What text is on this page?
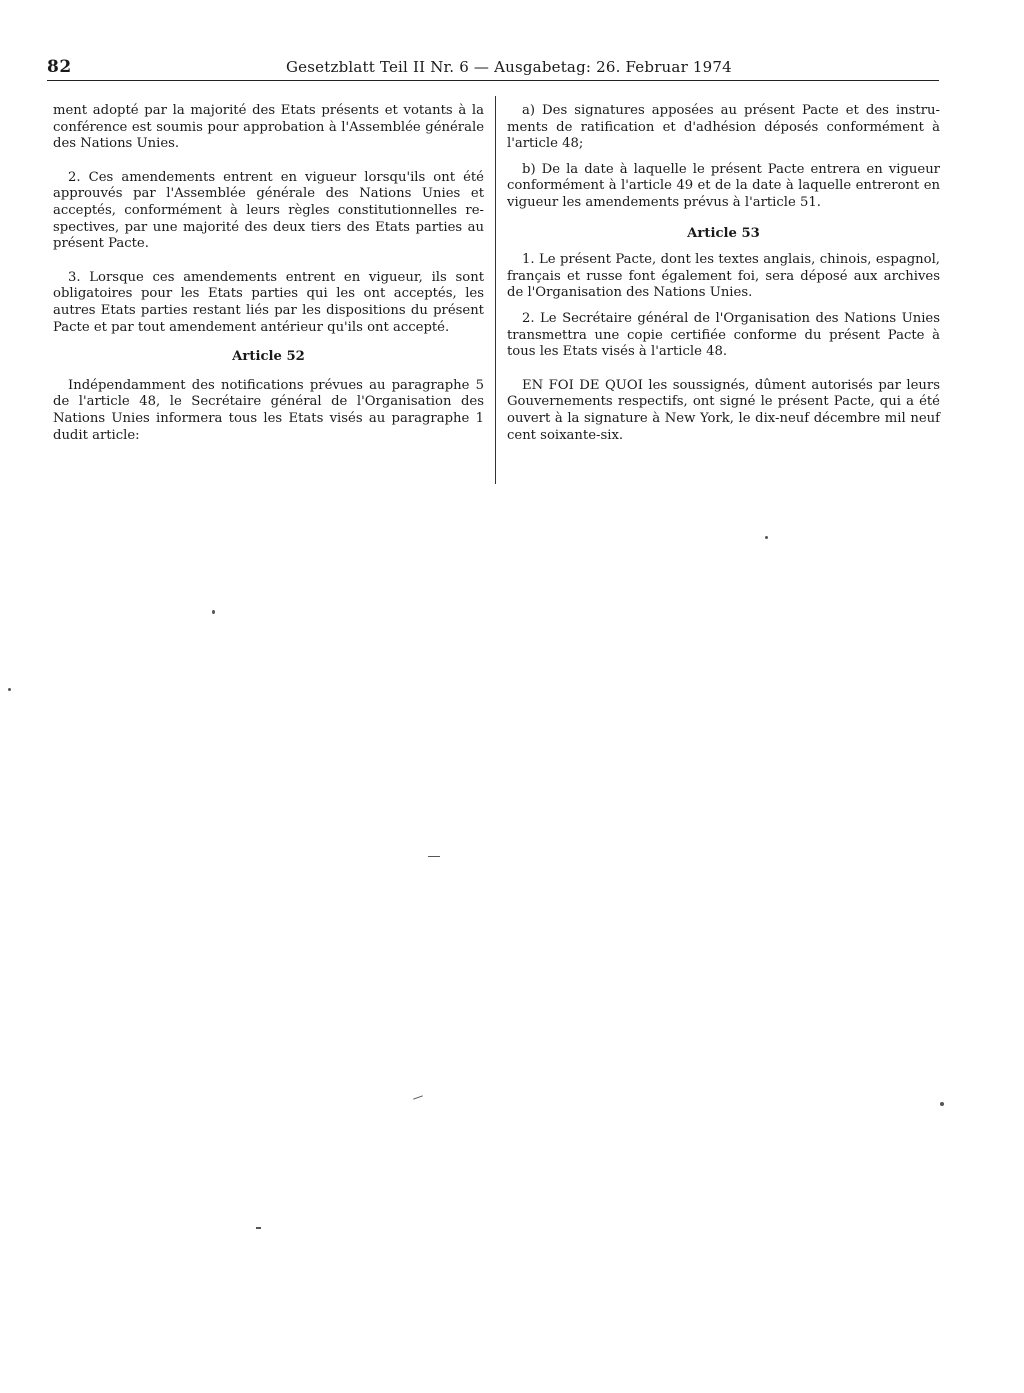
82	Gesetzblatt Teil II Nr. 6 — Ausgabetag: 26. Februar 1974

ment adopté par la majorité des Etats présents et votants à la conférence est soumis pour approbation à l'Assemblée générale des Nations Unies.

2. Ces amendements entrent en vigueur lorsqu'ils ont été approuvés par l'Assemblée générale des Nations Unies et acceptés, conformément à leurs règles constitutionnelles respectives, par une majorité des deux tiers des Etats parties au présent Pacte.

3. Lorsque ces amendements entrent en vigueur, ils sont obligatoires pour les Etats parties qui les ont acceptés, les autres Etats parties restant liés par les dispositions du présent Pacte et par tout amendement antérieur qu'ils ont accepté.

Article 52

Indépendamment des notifications prévues au paragraphe 5 de l'article 48, le Secrétaire général de l'Organisation des Nations Unies informera tous les Etats visés au paragraphe 1 dudit article:

a) Des signatures apposées au présent Pacte et des instruments de ratification et d'adhésion déposés conformément à l'article 48;

b) De la date à laquelle le présent Pacte entrera en vigueur conformément à l'article 49 et de la date à laquelle entreront en vigueur les amendements prévus à l'article 51.

Article 53

1. Le présent Pacte, dont les textes anglais, chinois, espagnol, français et russe font également foi, sera déposé aux archives de l'Organisation des Nations Unies.

2. Le Secrétaire général de l'Organisation des Nations Unies transmettra une copie certifiée conforme du présent Pacte à tous les Etats visés à l'article 48.

EN FOI DE QUOI les soussignés, dûment autorisés par leurs Gouvernements respectifs, ont signé le présent Pacte, qui a été ouvert à la signature à New York, le dix-neuf décembre mil neuf cent soixante-six.
